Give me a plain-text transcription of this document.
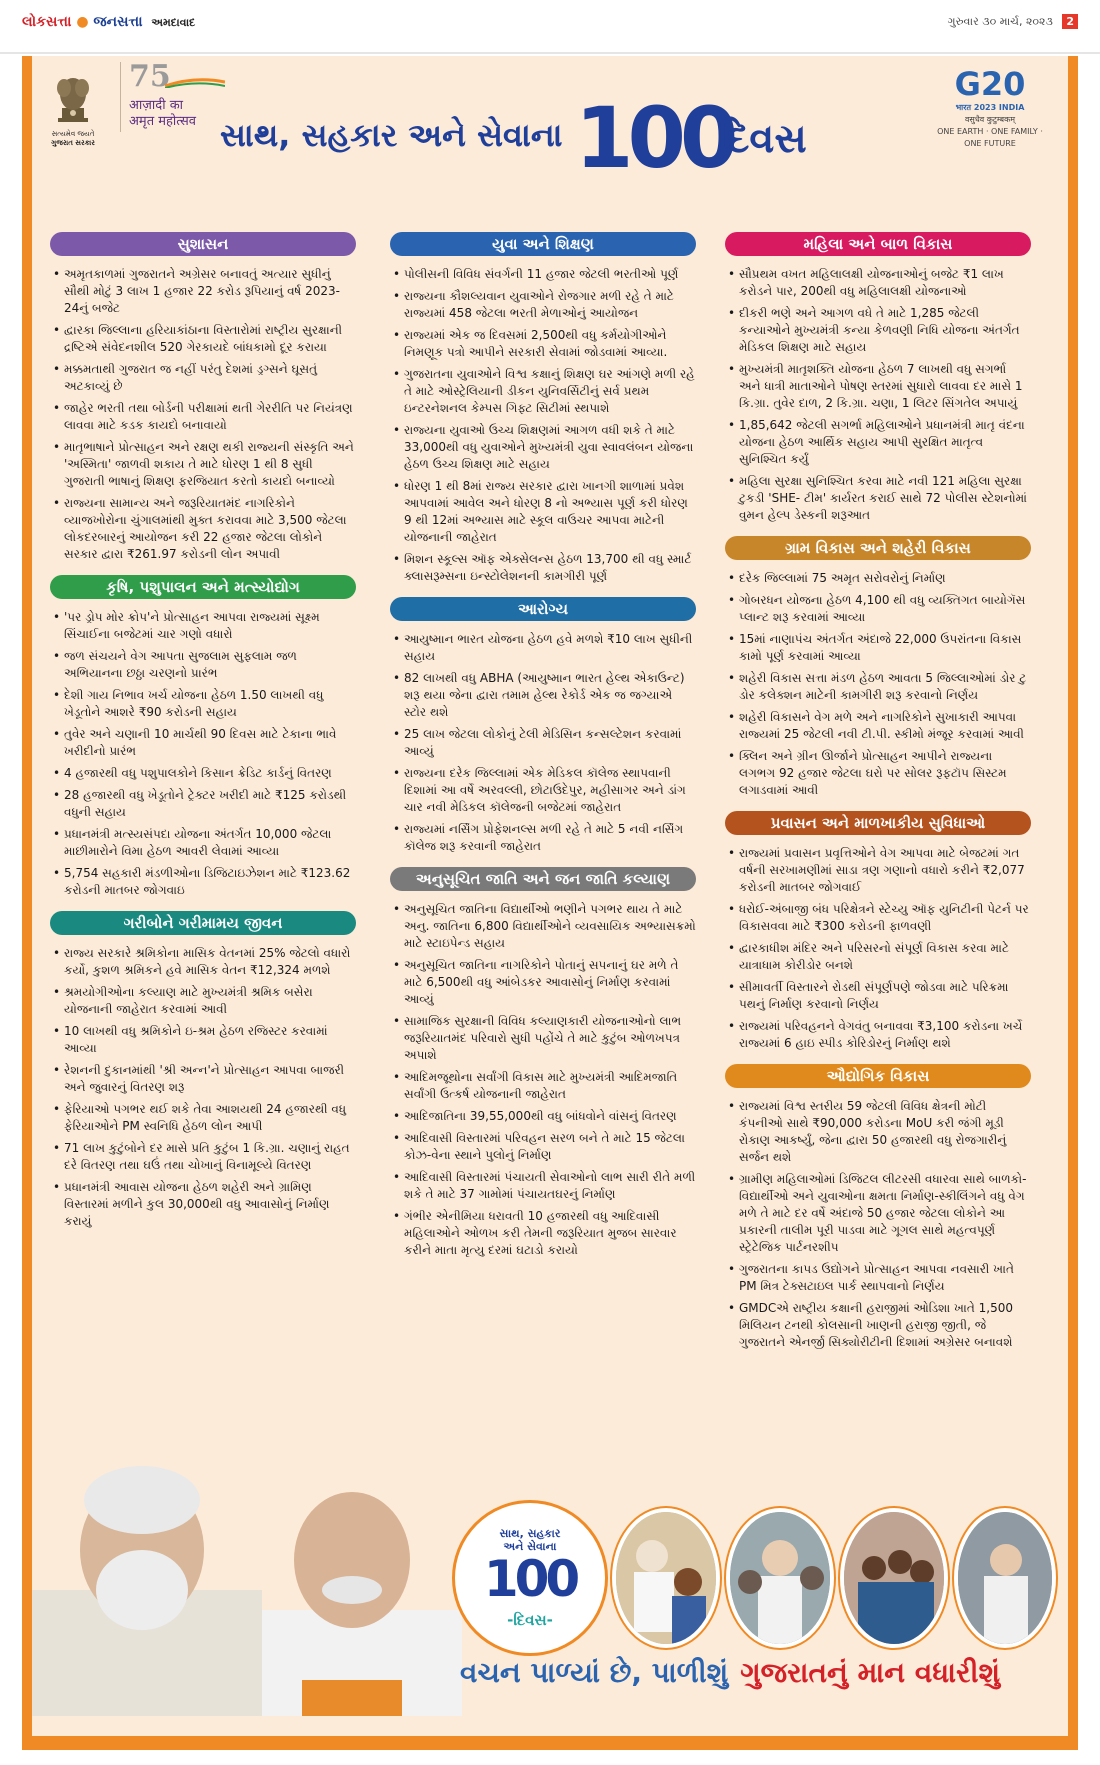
લોકસત્તા ● જનસત્તા અમદાવાદ	ગુરુવાર ૩૦ માર્ચ, ૨૦૨૩ 2
સત્યમેવ જયતે
ગુજરાત સરકાર
75
आज़ादी का
अमृत महोत्सव સાથ, સહકાર અને સેવાના 100
દિવસ
G20
भारत 2023 INDIA
वसुधैव कुटुम्बकम्
ONE EARTH · ONE FAMILY · ONE FUTURE
સુશાસન
• અમૃતકાળમાં ગુજરાતને અગ્રેસર બનાવતું અત્યાર સુધીનું સૌથી મોટું 3 લાખ 1 હજાર 22 કરોડ રૂપિયાનું વર્ષ 2023-24નું બજેટ
• દ્વારકા જિલ્લાના હરિયાકાંઠાના વિસ્તારોમાં રાષ્ટ્રીય સુરક્ષાની દ્રષ્ટિએ સંવેદનશીલ 520 ગેરકાયદે બાંધકામો દૂર કરાયા
• મક્કમતાથી ગુજરાત જ નહીં પરંતુ દેશમાં ડ્રગ્સને ઘૂસતું અટકાવ્યું છે
• જાહેર ભરતી તથા બોર્ડની પરીક્ષામાં થતી ગેરરીતિ પર નિયંત્રણ લાવવા માટે કડક કાયદો બનાવાયો
• માતૃભાષાને પ્રોત્સાહન અને રક્ષણ થકી રાજ્યની સંસ્કૃતિ અને 'અસ્મિતા' જાળવી શકાય તે માટે ધોરણ 1 થી 8 સુધી ગુજરાતી ભાષાનું શિક્ષણ ફરજિયાત કરતો કાયદો બનાવ્યો
• રાજ્યના સામાન્ય અને જરૂરિયાતમંદ નાગરિકોને વ્યાજખોરોના ચુંગાલમાંથી મુક્ત કરાવવા માટે 3,500 જેટલા લોકદરબારનું આયોજન કરી 22 હજાર જેટલા લોકોને સરકાર દ્વારા ₹261.97 કરોડની લોન અપાવી
કૃષિ, પશુપાલન અને મત્સ્યોદ્યોગ
• 'પર ડ્રોપ મોર ક્રોપ'ને પ્રોત્સાહન આપવા રાજ્યમાં સૂક્ષ્મ સિંચાઈના બજેટમાં ચાર ગણો વધારો
• જળ સંચયને વેગ આપતા સુજલામ સુફલામ જળ અભિયાનના છઠ્ઠા ચરણનો પ્રારંભ
• દેશી ગાય નિભાવ ખર્ચ યોજના હેઠળ 1.50 લાખથી વધુ ખેડૂતોને આશરે ₹90 કરોડની સહાય
• તુવેર અને ચણાની 10 માર્ચથી 90 દિવસ માટે ટેકાના ભાવે ખરીદીનો પ્રારંભ
• 4 હજારથી વધુ પશુપાલકોને કિસાન ક્રેડિટ કાર્ડનું વિતરણ
• 28 હજારથી વધુ ખેડૂતોને ટ્રેક્ટર ખરીદી માટે ₹125 કરોડથી વધુની સહાય
• પ્રધાનમંત્રી મત્સ્યસંપદા યોજના અંતર્ગત 10,000 જેટલા માછીમારોને વિમા હેઠળ આવરી લેવામાં આવ્યા
• 5,754 સહકારી મંડળીઓના ડિજિટાઇઝેશન માટે ₹123.62 કરોડની માતબર જોગવાઇ
ગરીબોને ગરીમામય જીવન
• રાજ્ય સરકારે શ્રમિકોના માસિક વેતનમાં 25% જેટલો વધારો કર્યો, કુશળ શ્રમિકને હવે માસિક વેતન ₹12,324 મળશે
• શ્રમયોગીઓના કલ્યાણ માટે મુખ્યમંત્રી શ્રમિક બસેરા યોજનાની જાહેરાત કરવામાં આવી
• 10 લાખથી વધુ શ્રમિકોને ઇ-શ્રમ હેઠળ રજિસ્ટર કરવામાં આવ્યા
• રેશનની દુકાનમાંથી 'શ્રી અન્ન'ને પ્રોત્સાહન આપવા બાજરી અને જુવારનું વિતરણ શરૂ
• ફેરિયાઓ પગભર થઈ શકે તેવા આશયથી 24 હજારથી વધુ ફેરિયાઓને PM સ્વનિધિ હેઠળ લોન આપી
• 71 લાખ કુટુંબોને દર માસે પ્રતિ કુટુંબ 1 કિ.ગ્રા. ચણાનું રાહત દરે વિતરણ તથા ઘઉં તથા ચોખાનું વિનામૂલ્યે વિતરણ
• પ્રધાનમંત્રી આવાસ યોજના હેઠળ શહેરી અને ગ્રામિણ વિસ્તારમાં મળીને કુલ 30,000થી વધુ આવાસોનું નિર્માણ કરાયું
યુવા અને શિક્ષણ
• પોલીસની વિવિધ સંવર્ગની 11 હજાર જેટલી ભરતીઓ પૂર્ણ
• રાજ્યના કૌશલ્યવાન યુવાઓને રોજગાર મળી રહે તે માટે રાજ્યમાં 458 જેટલા ભરતી મેળાઓનું આયોજન
• રાજ્યમાં એક જ દિવસમાં 2,500થી વધુ કર્મયોગીઓને નિમણૂક પત્રો આપીને સરકારી સેવામાં જોડવામાં આવ્યા.
• ગુજરાતના યુવાઓને વિશ્વ કક્ષાનું શિક્ષણ ઘર આંગણે મળી રહે તે માટે ઓસ્ટ્રેલિયાની ડીકન યુનિવર્સિટીનું સર્વ પ્રથમ ઇન્ટરનેશનલ કેમ્પસ ગિફ્ટ સિટીમાં સ્થપાશે
• રાજ્યના યુવાઓ ઉચ્ચ શિક્ષણમાં આગળ વધી શકે તે માટે 33,000થી વધુ યુવાઓને મુખ્યમંત્રી યુવા સ્વાવલંબન યોજના હેઠળ ઉચ્ચ શિક્ષણ માટે સહાય
• ધોરણ 1 થી 8માં રાજ્ય સરકાર દ્વારા ખાનગી શાળામાં પ્રવેશ આપવામાં આવેલ અને ધોરણ 8 નો અભ્યાસ પૂર્ણ કરી ધોરણ 9 થી 12માં અભ્યાસ માટે સ્કૂલ વાઉચર આપવા માટેની યોજનાની જાહેરાત
• મિશન સ્કૂલ્સ ઑફ એક્સેલન્સ હેઠળ 13,700 થી વધુ સ્માર્ટ ક્લાસરૂમ્સના ઇન્સ્ટોલેશનની કામગીરી પૂર્ણ
આરોગ્ય
• આયુષ્માન ભારત યોજના હેઠળ હવે મળશે ₹10 લાખ સુધીની સહાય
• 82 લાખથી વધુ ABHA (આયુષ્માન ભારત હેલ્થ એકાઉન્ટ) શરૂ થયા જેના દ્વારા તમામ હેલ્થ રેકોર્ડ એક જ જગ્યાએ સ્ટોર થશે
• 25 લાખ જેટલા લોકોનું ટેલી મેડિસિન કન્સલ્ટેશન કરવામાં આવ્યું
• રાજ્યના દરેક જિલ્લામાં એક મેડિકલ કૉલેજ સ્થાપવાની દિશામાં આ વર્ષે અરવલ્લી, છોટાઉદેપુર, મહીસાગર અને ડાંગ ચાર નવી મેડિકલ કૉલેજની બજેટમાં જાહેરાત
• રાજ્યમાં નર્સિંગ પ્રોફેશનલ્સ મળી રહે તે માટે 5 નવી નર્સિંગ કૉલેજ શરૂ કરવાની જાહેરાત
અનુસૂચિત જાતિ અને જન જાતિ કલ્યાણ
• અનુસૂચિત જાતિના વિદ્યાર્થીઓ ભણીને પગભર થાય તે માટે અનુ. જાતિના 6,800 વિદ્યાર્થીઓને વ્યવસાયિક અભ્યાસક્રમો માટે સ્ટાઇપેન્ડ સહાય
• અનુસૂચિત જાતિના નાગરિકોને પોતાનું સપનાનું ઘર મળે તે માટે 6,500થી વધુ આંબેડકર આવાસોનું નિર્માણ કરવામાં આવ્યું
• સામાજિક સુરક્ષાની વિવિધ કલ્યાણકારી યોજનાઓનો લાભ જરૂરિયાતમંદ પરિવારો સુધી પહોંચે તે માટે કુટુંબ ઓળખપત્ર અપાશે
• આદિમજૂથોના સર્વાંગી વિકાસ માટે મુખ્યમંત્રી આદિમજાતિ સર્વાંગી ઉત્કર્ષ યોજનાની જાહેરાત
• આદિજાતિના 39,55,000થી વધુ બાંધવોને વાંસનું વિતરણ
• આદિવાસી વિસ્તારમાં પરિવહન સરળ બને તે માટે 15 જેટલા કોઝ-વેના સ્થાને પુલોનું નિર્માણ
• આદિવાસી વિસ્તારમાં પંચાયતી સેવાઓનો લાભ સારી રીતે મળી શકે તે માટે 37 ગામોમાં પંચાયતઘરનું નિર્માણ
• ગંભીર એનીમિયા ધરાવતી 10 હજારથી વધુ આદિવાસી મહિલાઓને ઓળખ કરી તેમની જરૂરિયાત મુજબ સારવાર કરીને માતા મૃત્યુ દરમાં ઘટાડો કરાયો
મહિલા અને બાળ વિકાસ
• સૌપ્રથમ વખત મહિલાલક્ષી યોજનાઓનું બજેટ ₹1 લાખ કરોડને પાર, 200થી વધુ મહિલાલક્ષી યોજનાઓ
• દીકરી ભણે અને આગળ વધે તે માટે 1,285 જેટલી કન્યાઓને મુખ્યમંત્રી કન્યા કેળવણી નિધિ યોજના અંતર્ગત મેડિકલ શિક્ષણ માટે સહાય
• મુખ્યમંત્રી માતૃશક્તિ યોજના હેઠળ 7 લાખથી વધુ સગર્ભા અને ધાત્રી માતાઓને પોષણ સ્તરમાં સુધારો લાવવા દર માસે 1 કિ.ગ્રા. તુવેર દાળ, 2 કિ.ગ્રા. ચણા, 1 લિટર સિંગતેલ અપાયું
• 1,85,642 જેટલી સગર્ભા મહિલાઓને પ્રધાનમંત્રી માતૃ વંદના યોજના હેઠળ આર્થિક સહાય આપી સુરક્ષિત માતૃત્વ સુનિશ્ચિત કર્યું
• મહિલા સુરક્ષા સુનિશ્ચિત કરવા માટે નવી 121 મહિલા સુરક્ષા ટુકડી 'SHE- ટીમ' કાર્યરત કરાઈ સાથે 72 પોલીસ સ્ટેશનોમાં વુમન હેલ્પ ડેસ્કની શરૂઆત
ગ્રામ વિકાસ અને શહેરી વિકાસ
• દરેક જિલ્લામાં 75 અમૃત સરોવરોનું નિર્માણ
• ગોબરધન યોજના હેઠળ 4,100 થી વધુ વ્યક્તિગત બાયોગૅસ પ્લાન્ટ શરૂ કરવામાં આવ્યા
• 15માં નાણાપંચ અંતર્ગત અંદાજે 22,000 ઉપરાંતના વિકાસ કામો પૂર્ણ કરવામાં આવ્યા
• શહેરી વિકાસ સત્તા મંડળ હેઠળ આવતા 5 જિલ્લાઓમાં ડોર ટુ ડોર કલેક્શન માટેની કામગીરી શરૂ કરવાનો નિર્ણય
• શહેરી વિકાસને વેગ મળે અને નાગરિકોને સુખાકારી આપવા રાજ્યમાં 25 જેટલી નવી ટી.પી. સ્કીમો મંજૂર કરવામાં આવી
• ક્લિન અને ગ્રીન ઊર્જાને પ્રોત્સાહન આપીને રાજ્યના લગભગ 92 હજાર જેટલા ઘરો પર સોલર રૂફટૉપ સિસ્ટમ લગાડવામાં આવી
પ્રવાસન અને માળખાકીય સુવિધાઓ
• રાજ્યમાં પ્રવાસન પ્રવૃત્તિઓને વેગ આપવા માટે બેજટમાં ગત વર્ષની સરખામણીમાં સાડા ત્રણ ગણાનો વધારો કરીને ₹2,077 કરોડની માતબર જોગવાઈ
• ધરોઈ-અંબાજી બંધ પરિક્ષેત્રને સ્ટેચ્યુ ઑફ યુનિટીની પેટર્ન પર વિકાસવવા માટે ₹300 કરોડની ફાળવણી
• દ્વારકાધીશ મંદિર અને પરિસરનો સંપૂર્ણ વિકાસ કરવા માટે યાત્રાધામ કોરીડોર બનશે
• સીમાવર્તી વિસ્તારને રોડથી સંપૂર્ણપણે જોડવા માટે પરિક્રમા પથનું નિર્માણ કરવાનો નિર્ણય
• રાજ્યમાં પરિવહનને વેગવંતુ બનાવવા ₹3,100 કરોડના ખર્ચે રાજ્યમાં 6 હાઇ સ્પીડ કોરિડોરનું નિર્માણ થશે
ઔદ્યોગિક વિકાસ
• રાજ્યમાં વિશ્વ સ્તરીય 59 જેટલી વિવિધ ક્ષેત્રની મોટી કંપનીઓ સાથે ₹90,000 કરોડના MoU કરી જંગી મૂડી રોકાણ આકર્ષ્યું, જેના દ્વારા 50 હજારથી વધુ રોજગારીનું સર્જન થશે
• ગ્રામીણ મહિલાઓમાં ડિજિટલ લીટરસી વધારવા સાથે બાળકો-વિદ્યાર્થીઓ અને યુવાઓના ક્ષમતા નિર્માણ-સ્કીલિંગને વધુ વેગ મળે તે માટે દર વર્ષે અંદાજે 50 હજાર જેટલા લોકોને આ પ્રકારની તાલીમ પૂરી પાડવા માટે ગૂગલ સાથે મહત્વપૂર્ણ સ્ટ્રેટેજિક પાર્ટનરશીપ
• ગુજરાતના કાપડ ઉદ્યોગને પ્રોત્સાહન આપવા નવસારી ખાતે PM મિત્ર ટેક્સટાઇલ પાર્ક સ્થાપવાનો નિર્ણય
• GMDCએ રાષ્ટ્રીય કક્ષાની હરાજીમાં ઓડિશા ખાતે 1,500 મિલિયન ટનથી કોલસાની ખાણની હરાજી જીતી, જે ગુજરાતને એનર્જી સિક્યોરીટીની દિશામાં અગ્રેસર બનાવશે
સાથ, સહકાર
અને સેવાના
100
-દિવસ-
વચન પાળ્યાં છે, પાળીશું ગુજરાતનું માન વધારીશું
